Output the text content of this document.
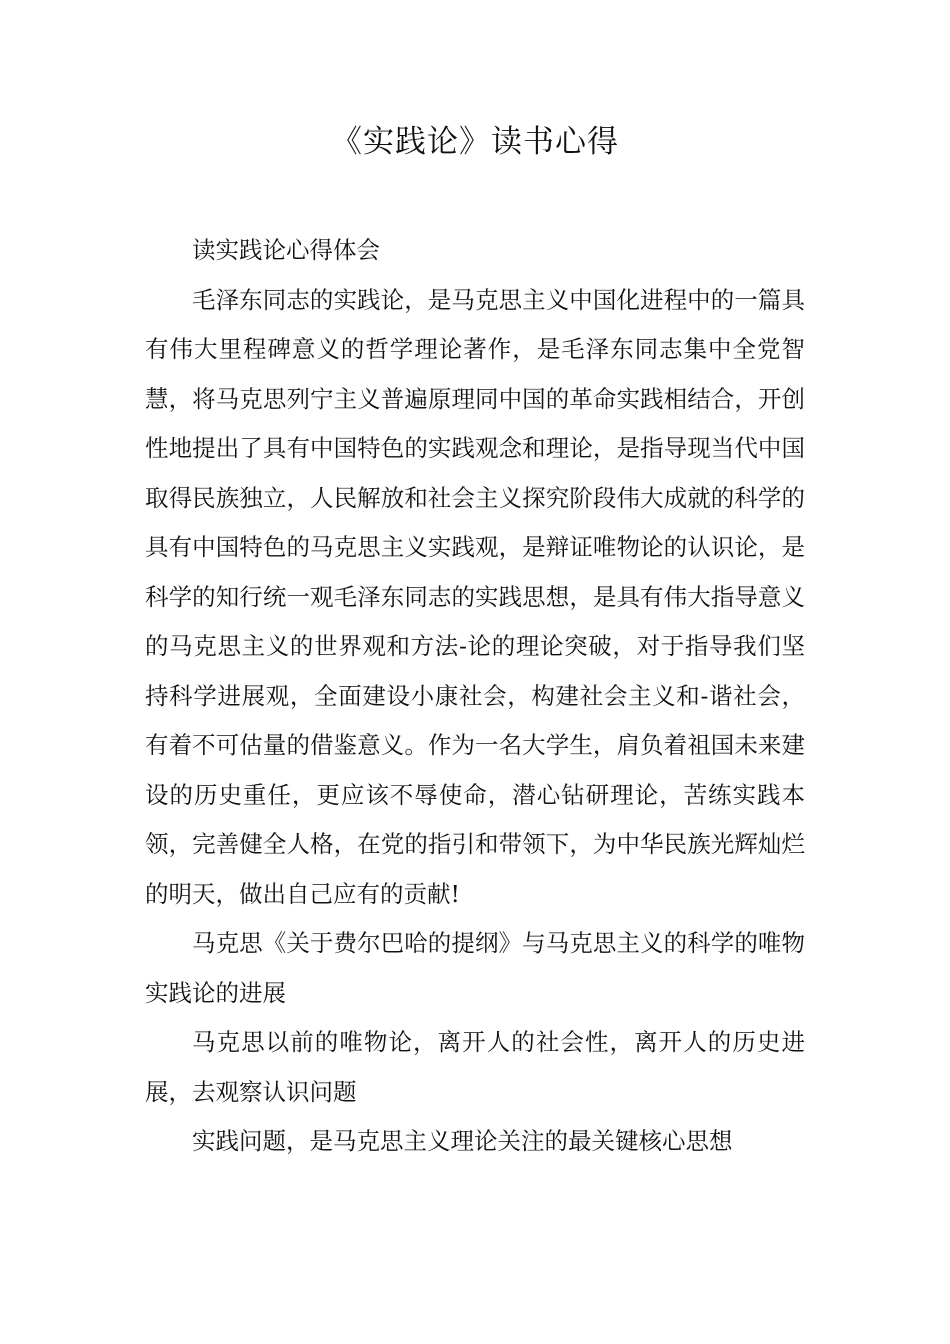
《实践论》读书心得

读实践论心得体会

毛泽东同志的实践论，是马克思主义中国化进程中的一篇具有伟大里程碑意义的哲学理论著作，是毛泽东同志集中全党智慧，将马克思列宁主义普遍原理同中国的革命实践相结合，开创性地提出了具有中国特色的实践观念和理论，是指导现当代中国取得民族独立，人民解放和社会主义探究阶段伟大成就的科学的具有中国特色的马克思主义实践观，是辩证唯物论的认识论，是科学的知行统一观毛泽东同志的实践思想，是具有伟大指导意义的马克思主义的世界观和方法-论的理论突破，对于指导我们坚持科学进展观，全面建设小康社会，构建社会主义和-谐社会，有着不可估量的借鉴意义。作为一名大学生，肩负着祖国未来建设的历史重任，更应该不辱使命，潜心钻研理论，苦练实践本领，完善健全人格，在党的指引和带领下，为中华民族光辉灿烂的明天，做出自己应有的贡献!

马克思《关于费尔巴哈的提纲》与马克思主义的科学的唯物实践论的进展

马克思以前的唯物论，离开人的社会性，离开人的历史进展，去观察认识问题

实践问题，是马克思主义理论关注的最关键核心思想
